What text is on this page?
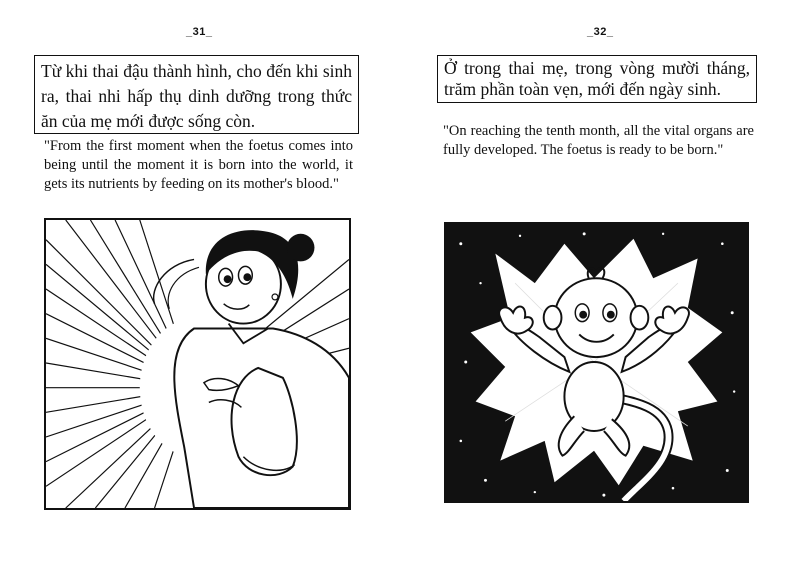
_31_
Từ khi thai đậu thành hình, cho đến khi sinh ra, thai nhi hấp thụ dinh dưỡng trong thức ăn của mẹ mới được sống còn.
"From the first moment when the foetus comes into being until the moment it is born into the world, it gets its nutrients by feeding on its mother's blood."
_32_
Ở trong thai mẹ, trong vòng mười tháng, trăm phần toàn vẹn, mới đến ngày sinh.
"On reaching the tenth month, all the vital organs are fully developed. The foetus is ready to be born."
